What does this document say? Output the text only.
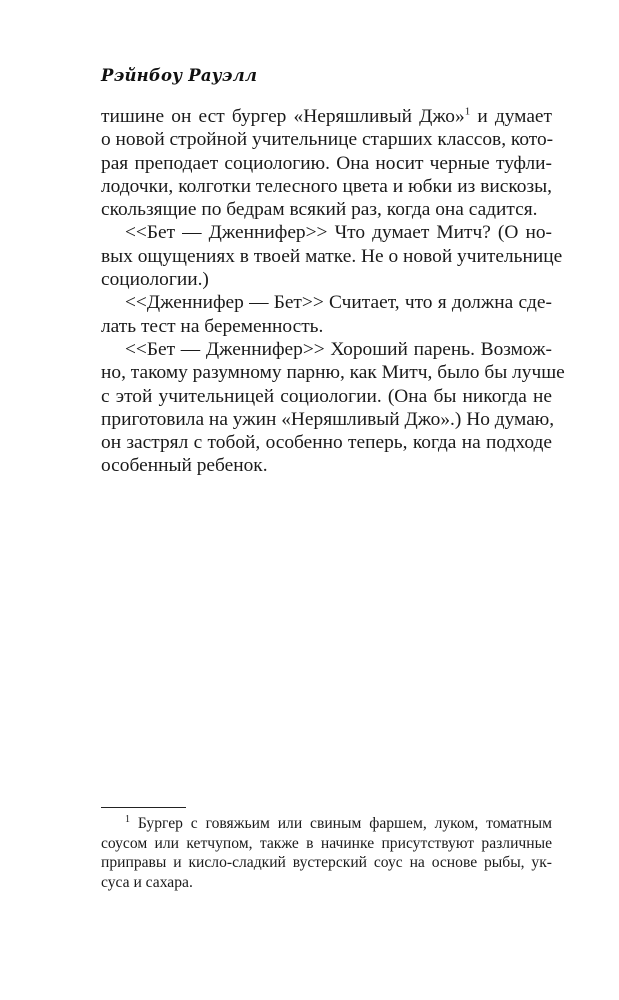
Рэйнбоу Рауэлл
тишине он ест бургер «Неряшливый Джо»$^1$ и думает
о новой стройной учительнице старших классов, кото-
рая преподает социологию. Она носит черные туфли-
лодочки, колготки телесного цвета и юбки из вискозы,
скользящие по бедрам всякий раз, когда она садится.
<<Бет — Дженнифер>> Что думает Митч? (О но-
вых ощущениях в твоей матке. Не о новой учительнице
социологии.)
<<Дженнифер — Бет>> Считает, что я должна сде-
лать тест на беременность.
<<Бет — Дженнифер>> Хороший парень. Возмож-
но, такому разумному парню, как Митч, было бы лучше
с этой учительницей социологии. (Она бы никогда не
приготовила на ужин «Неряшливый Джо».) Но думаю,
он застрял с тобой, особенно теперь, когда на подходе
особенный ребенок.
$^1$ Бургер с говяжьим или свиным фаршем, луком, томатным
соусом или кетчупом, также в начинке присутствуют различные
приправы и кисло-сладкий вустерский соус на основе рыбы, ук-
суса и сахара.
